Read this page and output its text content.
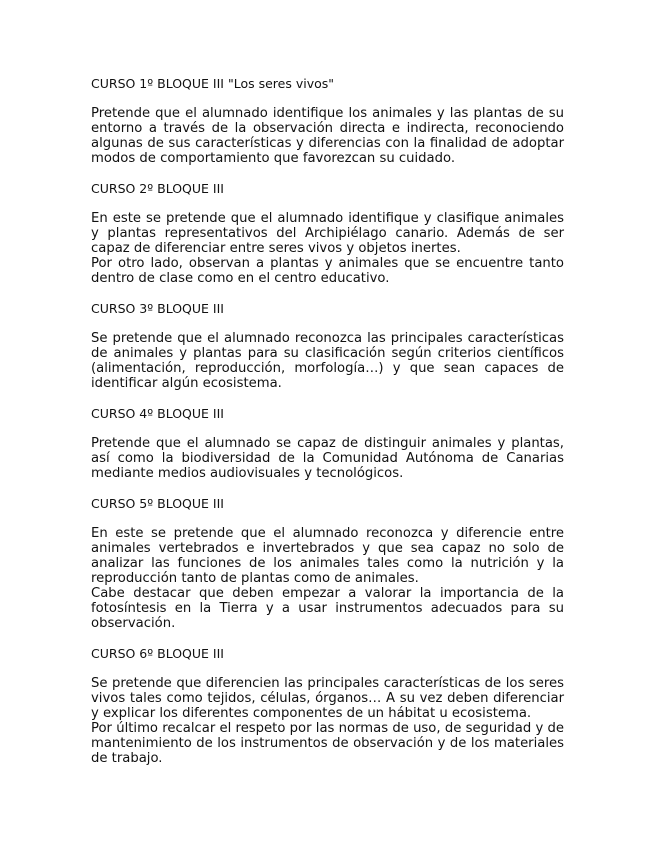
CURSO 1º BLOQUE III "Los seres vivos"
Pretende que el alumnado identifique los animales y las plantas de su entorno a través de la observación directa e indirecta, reconociendo algunas de sus características y diferencias con la finalidad de adoptar modos de comportamiento que favorezcan su cuidado.
CURSO 2º BLOQUE III
En este se pretende que el alumnado identifique y clasifique animales y plantas representativos del Archipiélago canario. Además de ser capaz de diferenciar entre seres vivos y objetos inertes.
Por otro lado, observan a plantas y animales que se encuentre tanto dentro de clase como en el centro educativo.
CURSO 3º BLOQUE III
Se pretende que el alumnado reconozca las principales características de animales y plantas para su clasificación según criterios científicos (alimentación, reproducción, morfología…) y que sean capaces de identificar algún ecosistema.
CURSO 4º BLOQUE III
Pretende que el alumnado se capaz de distinguir animales y plantas, así como la biodiversidad de la Comunidad Autónoma de Canarias mediante medios audiovisuales y tecnológicos.
CURSO 5º BLOQUE III
En este se pretende que el alumnado reconozca y diferencie entre animales vertebrados e invertebrados y que sea capaz no solo de analizar las funciones de los animales tales como la nutrición y la reproducción tanto de plantas como de animales.
Cabe destacar que deben empezar a valorar la importancia de la fotosíntesis en la Tierra y a usar instrumentos adecuados para su observación.
CURSO 6º BLOQUE III
Se pretende que diferencien las principales características de los seres vivos tales como tejidos, células, órganos… A su vez deben diferenciar y explicar los diferentes componentes de un hábitat u ecosistema.
Por último recalcar el respeto por las normas de uso, de seguridad y de mantenimiento de los instrumentos de observación y de los materiales de trabajo.
